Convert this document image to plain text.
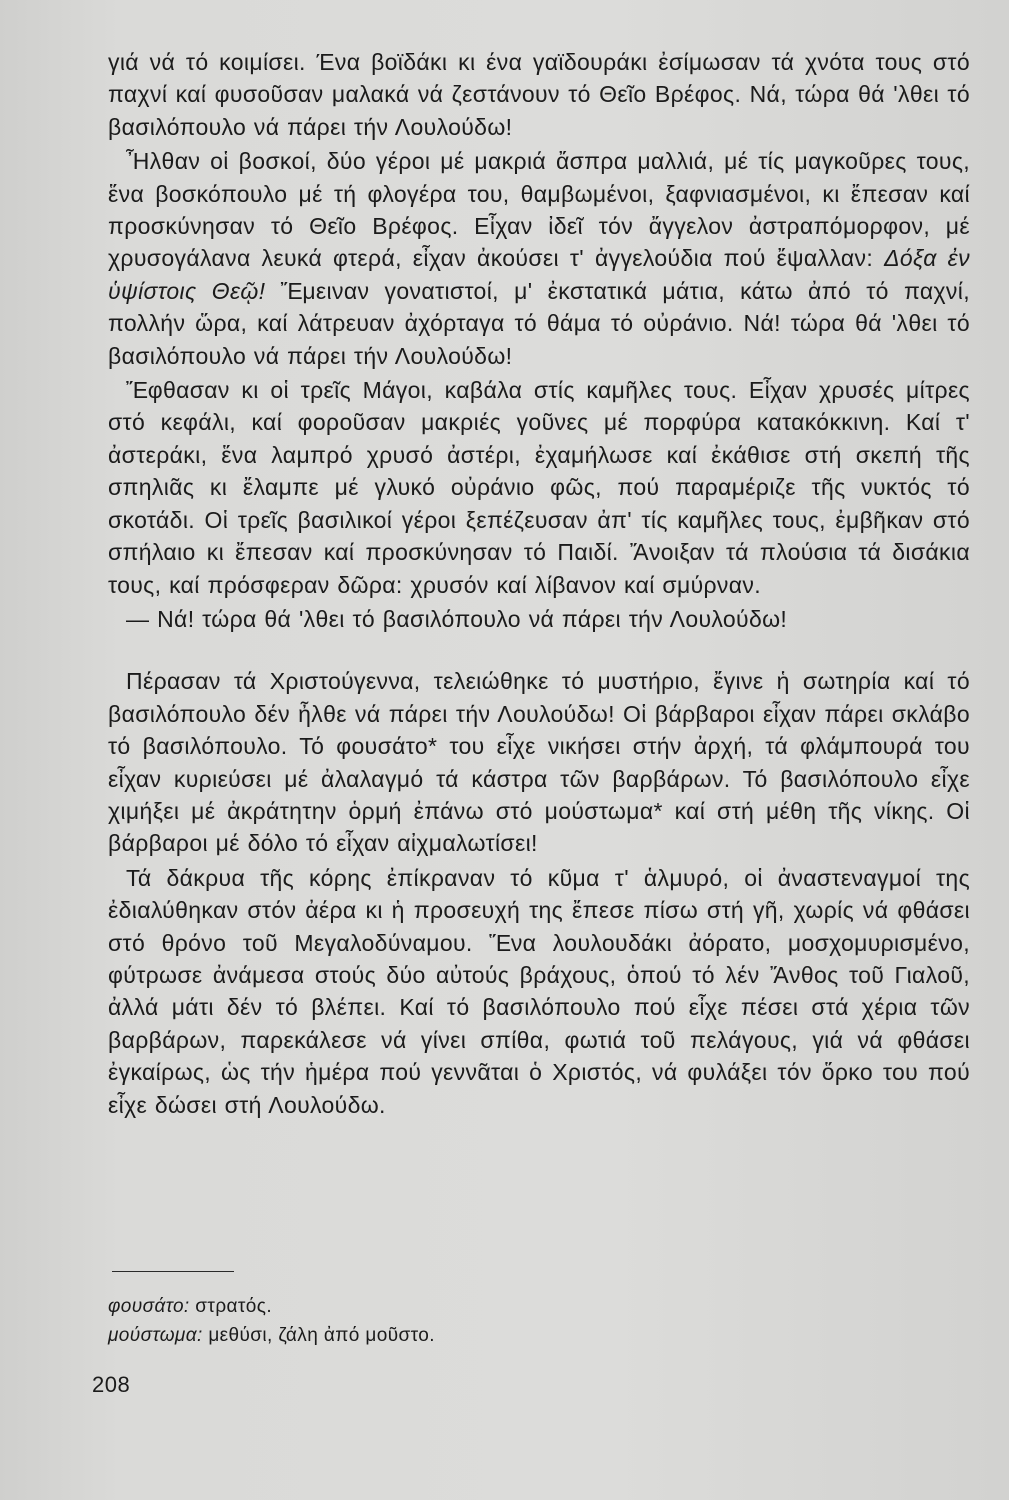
γιά νά τό κοιμίσει. Ένα βοϊδάκι κι ένα γαϊδουράκι ἐσίμωσαν τά χνότα τους στό παχνί καί φυσοῦσαν μαλακά νά ζεστάνουν τό Θεῖο Βρέφος. Νά, τώρα θά 'λθει τό βασιλόπουλο νά πάρει τήν Λουλούδω!

Ἦλθαν οἱ βοσκοί, δύο γέροι μέ μακριά ἄσπρα μαλλιά, μέ τίς μαγκοῦρες τους, ἕνα βοσκόπουλο μέ τή φλογέρα του, θαμβωμένοι, ξαφνιασμένοι, κι ἔπεσαν καί προσκύνησαν τό Θεῖο Βρέφος. Εἶχαν ἰδεῖ τόν ἄγγελον ἀστραπόμορφον, μέ χρυσογάλανα λευκά φτερά, εἶχαν ἀκούσει τ' ἀγγελούδια πού ἔψαλλαν: Δόξα ἐν ὑψίστοις Θεῷ! Ἔμειναν γονατιστοί, μ' ἐκστατικά μάτια, κάτω ἀπό τό παχνί, πολλήν ὥρα, καί λάτρευαν ἀχόρταγα τό θάμα τό οὐράνιο. Νά! τώρα θά 'λθει τό βασιλόπουλο νά πάρει τήν Λουλούδω!

Ἔφθασαν κι οἱ τρεῖς Μάγοι, καβάλα στίς καμῆλες τους. Εἶχαν χρυσές μίτρες στό κεφάλι, καί φοροῦσαν μακριές γοῦνες μέ πορφύρα κατακόκκινη. Καί τ' ἀστεράκι, ἕνα λαμπρό χρυσό ἀστέρι, ἐχαμήλωσε καί ἐκάθισε στή σκεπή τῆς σπηλιᾶς κι ἔλαμπε μέ γλυκό οὐράνιο φῶς, πού παραμέριζε τῆς νυκτός τό σκοτάδι. Οἱ τρεῖς βασιλικοί γέροι ξεπέζευσαν ἀπ' τίς καμῆλες τους, ἐμβῆκαν στό σπήλαιο κι ἔπεσαν καί προσκύνησαν τό Παιδί. Ἄνοιξαν τά πλούσια τά δισάκια τους, καί πρόσφεραν δῶρα: χρυσόν καί λίβανον καί σμύρναν.

— Νά! τώρα θά 'λθει τό βασιλόπουλο νά πάρει τήν Λουλούδω!

Πέρασαν τά Χριστούγεννα, τελειώθηκε τό μυστήριο, ἔγινε ἡ σωτηρία καί τό βασιλόπουλο δέν ἦλθε νά πάρει τήν Λουλούδω! Οἱ βάρβαροι εἶχαν πάρει σκλάβο τό βασιλόπουλο. Τό φουσάτο* του εἶχε νικήσει στήν ἀρχή, τά φλάμπουρά του εἶχαν κυριεύσει μέ ἀλαλαγμό τά κάστρα τῶν βαρβάρων. Τό βασιλόπουλο εἶχε χιμήξει μέ ἀκράτητην ὁρμή ἐπάνω στό μούστωμα* καί στή μέθη τῆς νίκης. Οἱ βάρβαροι μέ δόλο τό εἶχαν αἰχμαλωτίσει!

Τά δάκρυα τῆς κόρης ἐπίκραναν τό κῦμα τ' ἁλμυρό, οἱ ἀναστεναγμοί της ἐδιαλύθηκαν στόν ἀέρα κι ἡ προσευχή της ἔπεσε πίσω στή γῆ, χωρίς νά φθάσει στό θρόνο τοῦ Μεγαλοδύναμου. Ἕνα λουλουδάκι ἀόρατο, μοσχομυρισμένο, φύτρωσε ἀνάμεσα στούς δύο αὐτούς βράχους, ὁπού τό λέν Ἄνθος τοῦ Γιαλοῦ, ἀλλά μάτι δέν τό βλέπει. Καί τό βασιλόπουλο πού εἶχε πέσει στά χέρια τῶν βαρβάρων, παρεκάλεσε νά γίνει σπίθα, φωτιά τοῦ πελάγους, γιά νά φθάσει ἐγκαίρως, ὡς τήν ἡμέρα πού γεννᾶται ὁ Χριστός, νά φυλάξει τόν ὅρκο του πού εἶχε δώσει στή Λουλούδω.

φουσάτο: στρατός.

μούστωμα: μεθύσι, ζάλη ἀπό μοῦστο.

208
